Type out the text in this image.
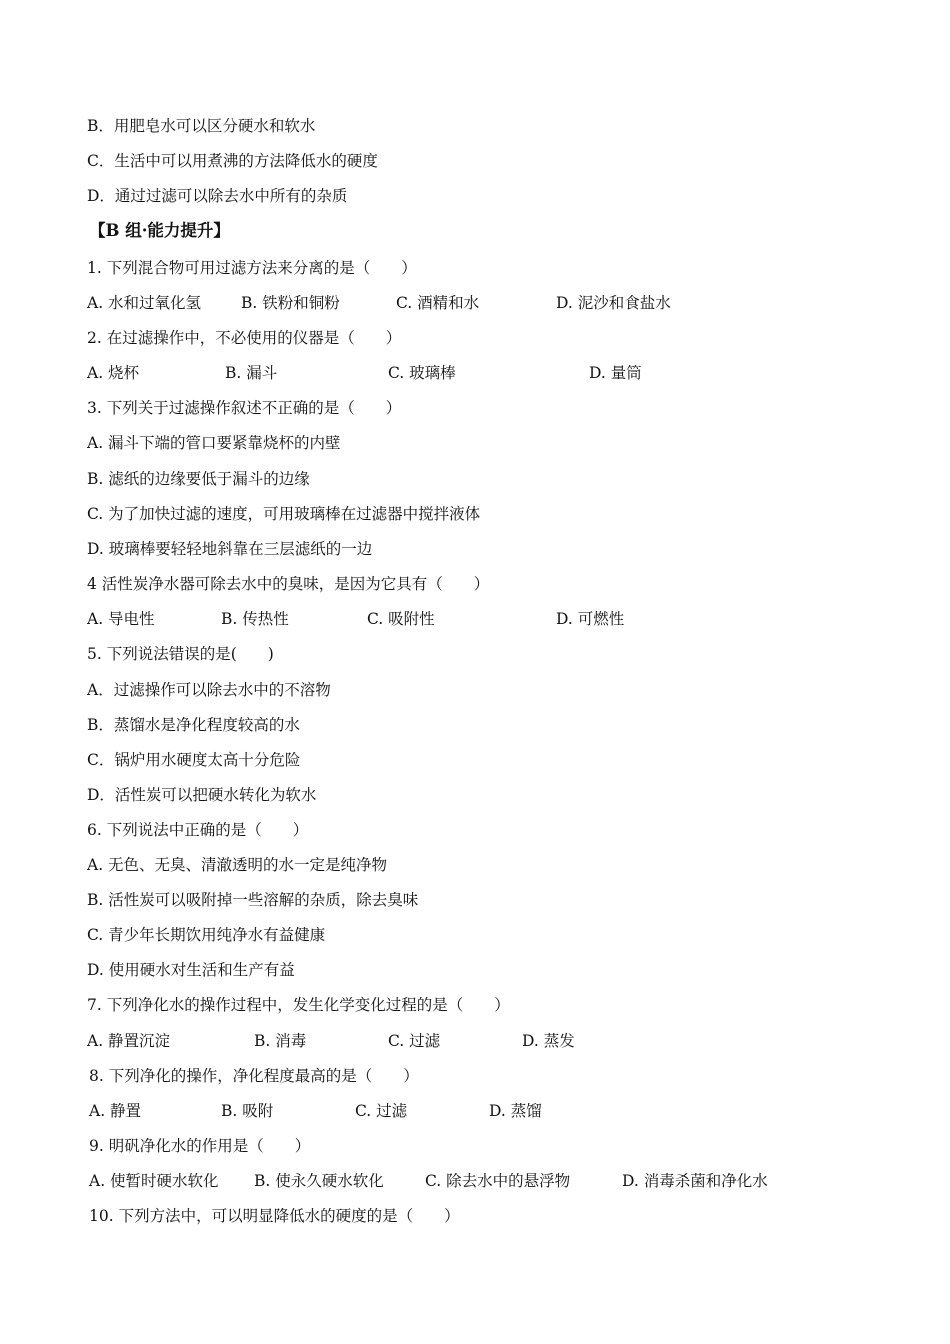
B．用肥皂水可以区分硬水和软水
C．生活中可以用煮沸的方法降低水的硬度
D．通过过滤可以除去水中所有的杂质
【B 组·能力提升】
1. 下列混合物可用过滤方法来分离的是（　　）
A. 水和过氧化氢	B. 铁粉和铜粉	C. 酒精和水	D. 泥沙和食盐水
2. 在过滤操作中，不必使用的仪器是（　　）
A. 烧杯	B. 漏斗	C. 玻璃棒	D. 量筒
3. 下列关于过滤操作叙述不正确的是（　　）
A. 漏斗下端的管口要紧靠烧杯的内壁
B. 滤纸的边缘要低于漏斗的边缘
C. 为了加快过滤的速度，可用玻璃棒在过滤器中搅拌液体
D. 玻璃棒要轻轻地斜靠在三层滤纸的一边
4 活性炭净水器可除去水中的臭味，是因为它具有（　　）
A. 导电性	B. 传热性	C. 吸附性	D. 可燃性
5. 下列说法错误的是(　　)
A．过滤操作可以除去水中的不溶物
B．蒸馏水是净化程度较高的水
C．锅炉用水硬度太高十分危险
D．活性炭可以把硬水转化为软水
6. 下列说法中正确的是（　　）
A. 无色、无臭、清澈透明的水一定是纯净物
B. 活性炭可以吸附掉一些溶解的杂质，除去臭味
C. 青少年长期饮用纯净水有益健康
D. 使用硬水对生活和生产有益
7. 下列净化水的操作过程中，发生化学变化过程的是（　　）
A. 静置沉淀	B. 消毒	C. 过滤	D. 蒸发
8. 下列净化的操作，净化程度最高的是（　　）
A. 静置	B. 吸附	C. 过滤	D. 蒸馏
9. 明矾净化水的作用是（　　）
A. 使暂时硬水软化 B. 使永久硬水软化	C. 除去水中的悬浮物	D. 消毒杀菌和净化水
10. 下列方法中，可以明显降低水的硬度的是（　　）
